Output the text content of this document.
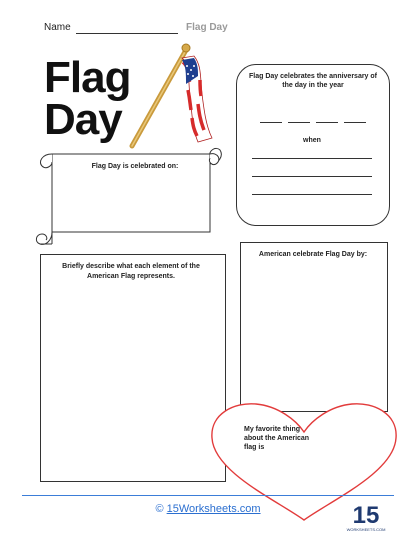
Name	Flag Day
Flag
Day
Flag Day celebrates the anniversary of the day in the year
when
Flag Day is celebrated on:
Briefly describe what each element of the American Flag represents.
American celebrate Flag Day by:
My favorite thing about the American flag is
© 15Worksheets.com	15
WORKSHEETS.COM
